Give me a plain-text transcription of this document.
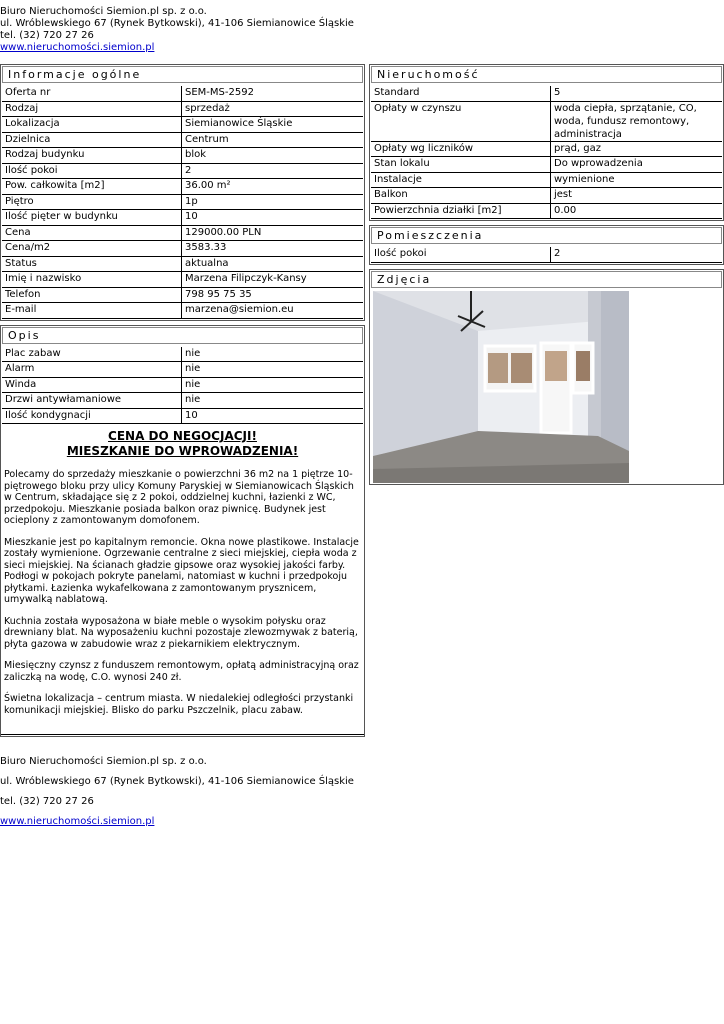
Biuro Nieruchomości Siemion.pl sp. z o.o.
ul. Wróblewskiego 67 (Rynek Bytkowski), 41-106 Siemianowice Śląskie
tel. (32) 720 27 26
www.nieruchomości.siemion.pl
Informacje ogólne
Oferta nr	SEM-MS-2592
Rodzaj	sprzedaż
Lokalizacja	Siemianowice Śląskie
Dzielnica	Centrum
Rodzaj budynku	blok
Ilość pokoi	2
Pow. całkowita [m2]	36.00 m²
Piętro	1p
Ilość pięter w budynku	10
Cena	129000.00 PLN
Cena/m2	3583.33
Status	aktualna
Imię i nazwisko	Marzena Filipczyk-Kansy
Telefon	798 95 75 35
E-mail	marzena@siemion.eu
Opis
Plac zabaw	nie
Alarm	nie
Winda	nie
Drzwi antywłamaniowe	nie
Ilość kondygnacji	10
CENA DO NEGOCJACJI!
MIESZKANIE DO WPROWADZENIA!

Polecamy do sprzedaży mieszkanie o powierzchni 36 m2 na 1 piętrze 10-piętrowego bloku przy ulicy Komuny Paryskiej w Siemianowicach Śląskich w Centrum, składające się z 2 pokoi, oddzielnej kuchni, łazienki z WC, przedpokoju. Mieszkanie posiada balkon oraz piwnicę. Budynek jest ocieplony z zamontowanym domofonem.

Mieszkanie jest po kapitalnym remoncie. Okna nowe plastikowe. Instalacje zostały wymienione. Ogrzewanie centralne z sieci miejskiej, ciepła woda z sieci miejskiej. Na ścianach gładzie gipsowe oraz wysokiej jakości farby. Podłogi w pokojach pokryte panelami, natomiast w kuchni i przedpokoju płytkami. Łazienka wykafelkowana z zamontowanym prysznicem, umywalką nablatową.

Kuchnia została wyposażona w białe meble o wysokim połysku oraz drewniany blat. Na wyposażeniu kuchni pozostaje zlewozmywak z baterią, płyta gazowa w zabudowie wraz z piekarnikiem elektrycznym.

Miesięczny czynsz z funduszem remontowym, opłatą administracyjną oraz zaliczką na wodę, C.O. wynosi 240 zł.

Świetna lokalizacja – centrum miasta. W niedalekiej odległości przystanki komunikacji miejskiej. Blisko do parku Pszczelnik, placu zabaw.

Nieruchomość
Standard	5
Opłaty w czynszu	woda ciepła, sprzątanie, CO, woda, fundusz remontowy, administracja
Opłaty wg liczników	prąd, gaz
Stan lokalu	Do wprowadzenia
Instalacje	wymienione
Balkon	jest
Powierzchnia działki [m2]	0.00
Pomieszczenia
Ilość pokoi	2
Zdjęcia
Biuro Nieruchomości Siemion.pl sp. z o.o.
ul. Wróblewskiego 67 (Rynek Bytkowski), 41-106 Siemianowice Śląskie
tel. (32) 720 27 26
www.nieruchomości.siemion.pl
